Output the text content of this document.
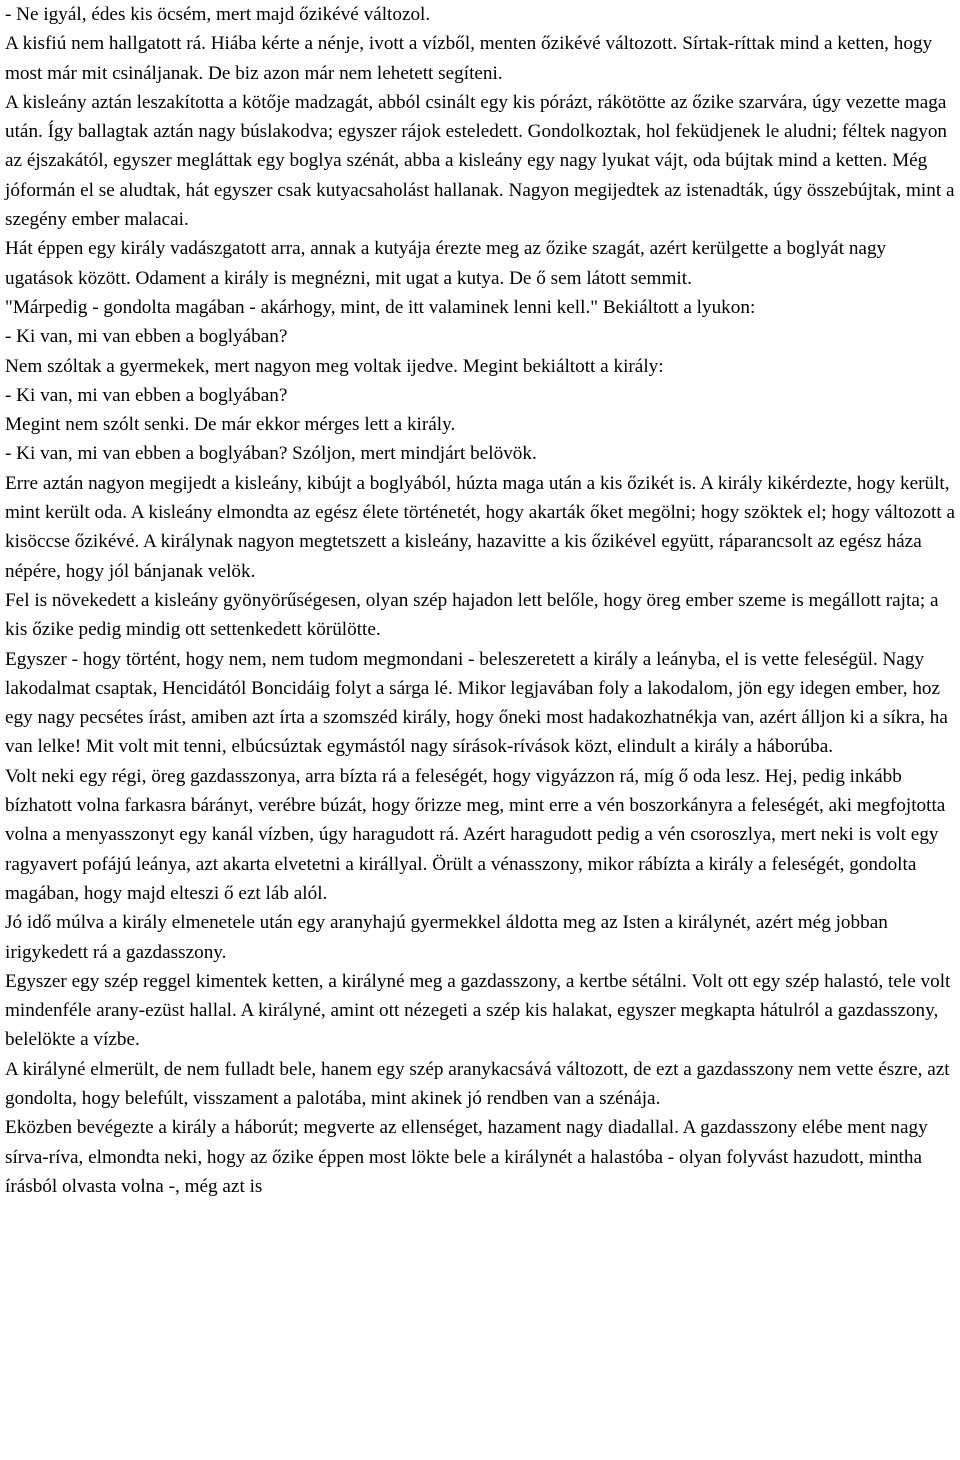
- Ne igyál, édes kis öcsém, mert majd őzikévé változol.
A kisfiú nem hallgatott rá. Hiába kérte a nénje, ivott a vízből, menten őzikévé változott. Sírtak-ríttak mind a ketten, hogy most már mit csináljanak. De biz azon már nem lehetett segíteni.
A kisleány aztán leszakította a kötője madzagát, abból csinált egy kis pórázt, rákötötte az őzike szarvára, úgy vezette maga után. Így ballagtak aztán nagy búslakodva; egyszer rájok esteledett. Gondolkoztak, hol feküdjenek le aludni; féltek nagyon az éjszakától, egyszer megláttak egy boglya szénát, abba a kisleány egy nagy lyukat vájt, oda bújtak mind a ketten. Még jóformán el se aludtak, hát egyszer csak kutyacsaholást hallanak. Nagyon megijedtek az istenadták, úgy összebújtak, mint a szegény ember malacai.

Hát éppen egy király vadászgatott arra, annak a kutyája érezte meg az őzike szagát, azért kerülgette a boglyát nagy ugatások között. Odament a király is megnézni, mit ugat a kutya. De ő sem látott semmit.
"Márpedig - gondolta magában - akárhogy, mint, de itt valaminek lenni kell." Bekiáltott a lyukon:
- Ki van, mi van ebben a boglyában?
Nem szóltak a gyermekek, mert nagyon meg voltak ijedve. Megint bekiáltott a király:
- Ki van, mi van ebben a boglyában?
Megint nem szólt senki. De már ekkor mérges lett a király.
- Ki van, mi van ebben a boglyában? Szóljon, mert mindjárt belövök.
Erre aztán nagyon megijedt a kisleány, kibújt a boglyából, húzta maga után a kis őzikét is. A király kikérdezte, hogy került, mint került oda. A kisleány elmondta az egész élete történetét, hogy akarták őket megölni; hogy szöktek el; hogy változott a kisöccse őzikévé. A királynak nagyon megtetszett a kisleány, hazavitte a kis őzikével együtt, ráparancsolt az egész háza népére, hogy jól bánjanak velök.

Fel is növekedett a kisleány gyönyörűségesen, olyan szép hajadon lett belőle, hogy öreg ember szeme is megállott rajta; a kis őzike pedig mindig ott settenkedett körülötte.

Egyszer - hogy történt, hogy nem, nem tudom megmondani - beleszeretett a király a leányba, el is vette feleségül. Nagy lakodalmat csaptak, Hencidától Boncidáig folyt a sárga lé. Mikor legjavában foly a lakodalom, jön egy idegen ember, hoz egy nagy pecsétes írást, amiben azt írta a szomszéd király, hogy őneki most hadakozhatnékja van, azért álljon ki a síkra, ha van lelke! Mit volt mit tenni, elbúcsúztak egymástól nagy sírások-rívások közt, elindult a király a háborúba.

Volt neki egy régi, öreg gazdasszonya, arra bízta rá a feleségét, hogy vigyázzon rá, míg ő oda lesz. Hej, pedig inkább bízhatott volna farkasra bárányt, verébre búzát, hogy őrizze meg, mint erre a vén boszorkányra a feleségét, aki megfojtotta volna a menyasszonyt egy kanál vízben, úgy haragudott rá. Azért haragudott pedig a vén csoroszlya, mert neki is volt egy ragyavert pofájú leánya, azt akarta elvetetni a királlyal. Örült a vénasszony, mikor rábízta a király a feleségét, gondolta magában, hogy majd elteszi ő ezt láb alól.

Jó idő múlva a király elmenetele után egy aranyhajú gyermekkel áldotta meg az Isten a királynét, azért még jobban irigykedett rá a gazdasszony.

Egyszer egy szép reggel kimentek ketten, a királyné meg a gazdasszony, a kertbe sétálni. Volt ott egy szép halastó, tele volt mindenféle arany-ezüst hallal. A királyné, amint ott nézegeti a szép kis halakat, egyszer megkapta hátulról a gazdasszony, belelökte a vízbe.

A királyné elmerült, de nem fulladt bele, hanem egy szép aranykacsává változott, de ezt a gazdasszony nem vette észre, azt gondolta, hogy belefúlt, visszament a palotába, mint akinek jó rendben van a szénája.

Eközben bevégezte a király a háborút; megverte az ellenséget, hazament nagy diadallal. A gazdasszony elébe ment nagy sírva-ríva, elmondta neki, hogy az őzike éppen most lökte bele a királynét a halastóba - olyan folyvást hazudott, mintha írásból olvasta volna -, még azt is
